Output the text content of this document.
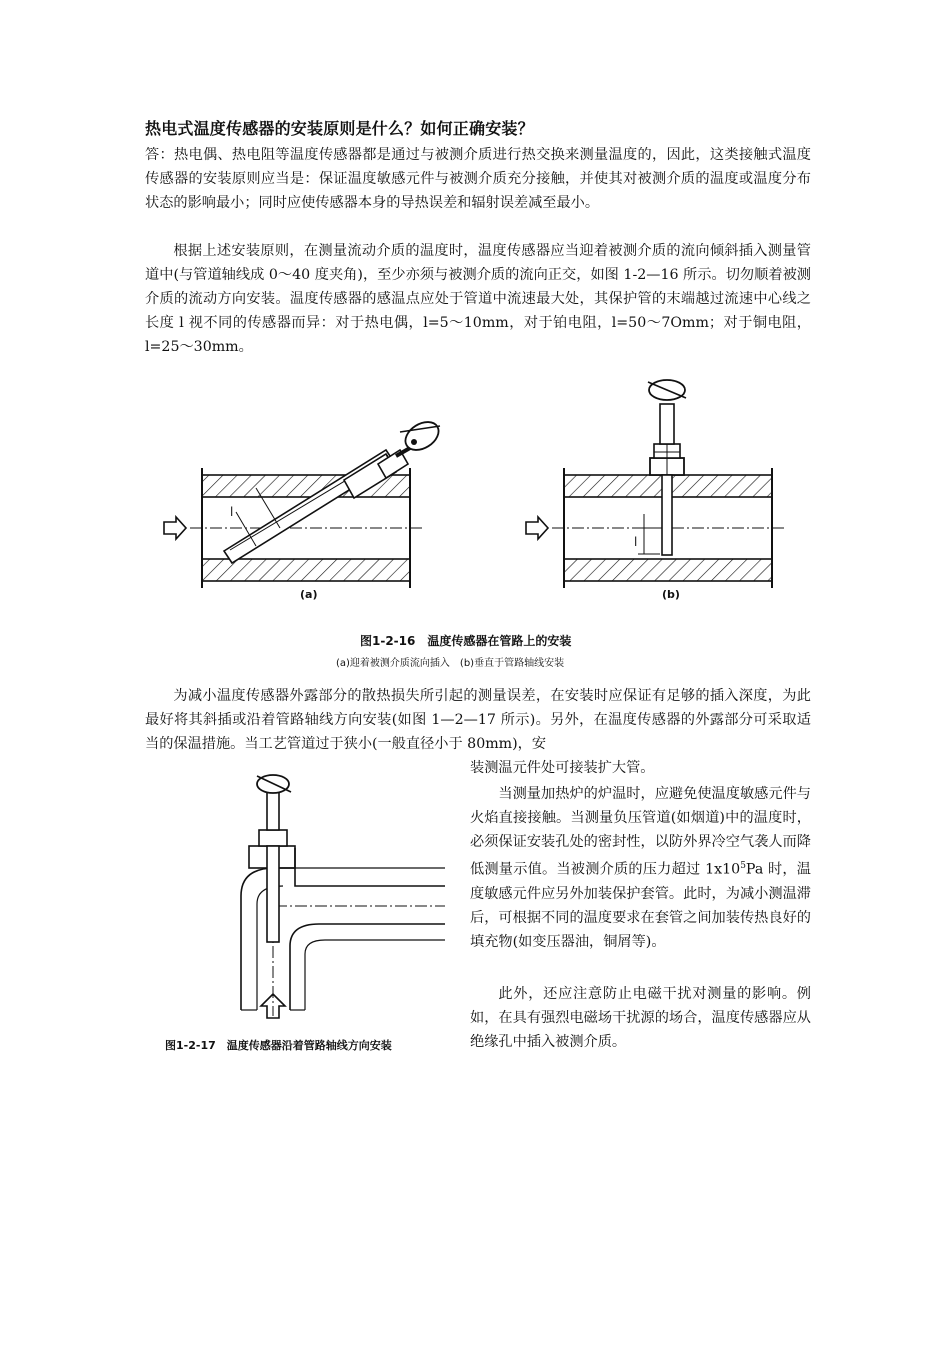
热电式温度传感器的安装原则是什么？如何正确安装？

答：热电偶、热电阻等温度传感器都是通过与被测介质进行热交换来测量温度的，因此，这类接触式温度传感器的安装原则应当是：保证温度敏感元件与被测介质充分接触，并使其对被测介质的温度或温度分布状态的影响最小；同时应使传感器本身的导热误差和辐射误差减至最小。

根据上述安装原则，在测量流动介质的温度时，温度传感器应当迎着被测介质的流向倾斜插入测量管道中(与管道轴线成 0～40 度夹角)，至少亦须与被测介质的流向正交，如图 1-2—16 所示。切勿顺着被测介质的流动方向安装。温度传感器的感温点应处于管道中流速最大处，其保护管的末端越过流速中心线之长度 l 视不同的传感器而异：对于热电偶，l=5～10mm，对于铂电阻，l=50～7Omm；对于铜电阻，l=25～30mm。

l
(a)
l
(b)
图1-2-16　温度传感器在管路上的安装
(a)迎着被测介质流向插入　(b)垂直于管路轴线安装

为减小温度传感器外露部分的散热损失所引起的测量误差，在安装时应保证有足够的插入深度，为此最好将其斜插或沿着管路轴线方向安装(如图 1—2—17 所示)。另外，在温度传感器的外露部分可采取适当的保温措施。当工艺管道过于狭小(一般直径小于 80mm)，安

装测温元件处可接装扩大管。

当测量加热炉的炉温时，应避免使温度敏感元件与火焰直接接触。当测量负压管道(如烟道)中的温度时，必须保证安装孔处的密封性，以防外界冷空气袭人而降低测量示值。当被测介质的压力超过 $1x10^5Pa$ 时，温度敏感元件应另外加装保护套管。此时，为减小测温滞后，可根据不同的温度要求在套管之间加装传热良好的填充物(如变压器油，铜屑等)。

此外，还应注意防止电磁干扰对测量的影响。例如，在具有强烈电磁场干扰源的场合，温度传感器应从绝缘孔中插入被测介质。

图1-2-17　温度传感器沿着管路轴线方向安装
